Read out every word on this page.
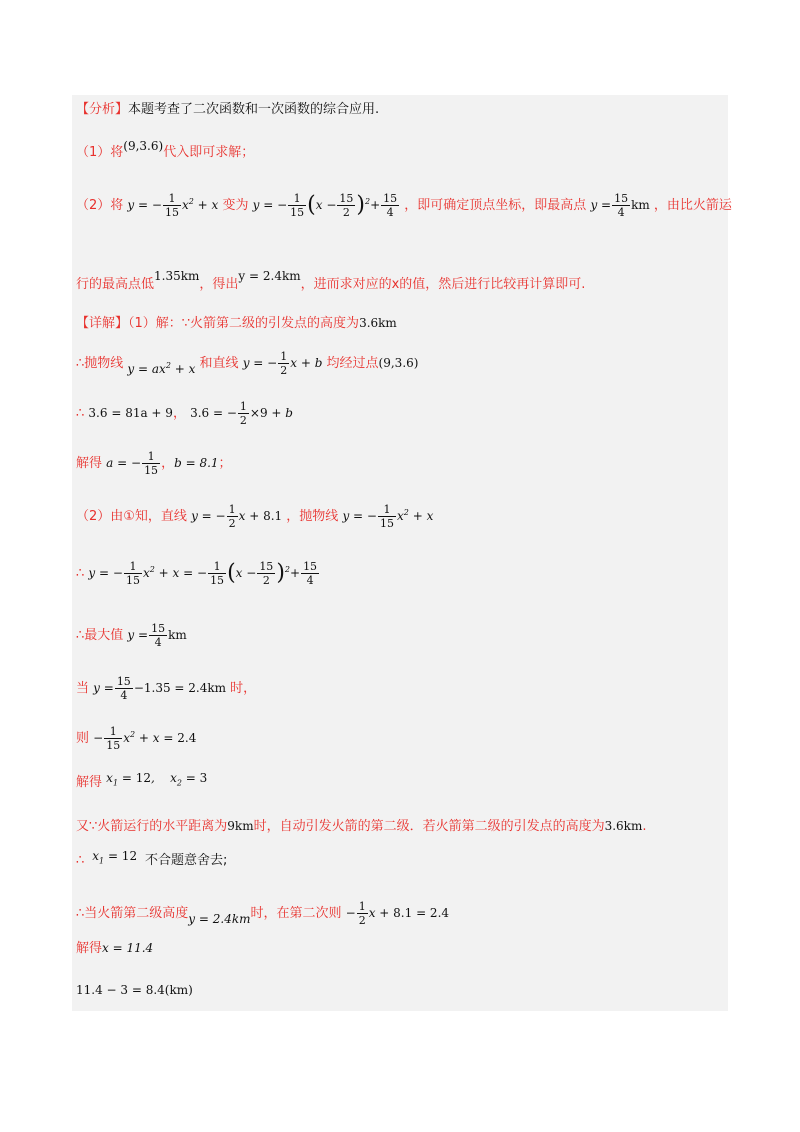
【分析】本题考查了二次函数和一次函数的综合应用.
（1）将(9,3.6)代入即可求解；
（2）将 y = − $\frac{1}{15} x^2 + x$ 变为 y = − $\frac{1}{15} (x - \frac{15}{2} )^2+ \frac{15}{4}$ ，即可确定顶点坐标，即最高点 $y = \frac{15}{4}$ km ，由比火箭运
行的最高点低1.35km，得出y = 2.4km，进而求对应的x的值，然后进行比较再计算即可.
【详解】（1）解：∵火箭第二级的引发点的高度为3.6km
∴抛物线 $y = ax^2 + x$ 和直线 y = − $\frac{1}{2}$ x + b 均经过点(9,3.6)
∴ 3.6 = 81a + 9， 3.6 = − $\frac{1}{2} \times 9 + b$
解得 a = − $\frac{1}{15}$ ，b = 8.1；
（2）由①知，直线 y = − $\frac{1}{2}$ x + 8.1 ，抛物线 y = − $\frac{1}{15} x^2 + x$
∴ y = − $\frac{1}{15} x^2 + x$ = − $\frac{1}{15} (x - \frac{15}{2} )^2+ \frac{15}{4}$
∴最大值 $y = \frac{15}{4}$ km
当 $y = \frac{15}{4} -1.35 = 2.4km$ 时，
则 − $\frac{1}{15} x^2 + x = 2.4$
解得 $x_1 = 12$,    $x_2 = 3$
又∵火箭运行的水平距离为9km时，自动引发火箭的第二级．若火箭第二级的引发点的高度为3.6km.
∴  $x_1 = 12$ 不合题意舍去;
∴当火箭第二级高度y = 2.4km时，在第二次则 − $\frac{1}{2}$ x + 8.1 = 2.4
解得x = 11.4
11.4 − 3 = 8.4(km)
